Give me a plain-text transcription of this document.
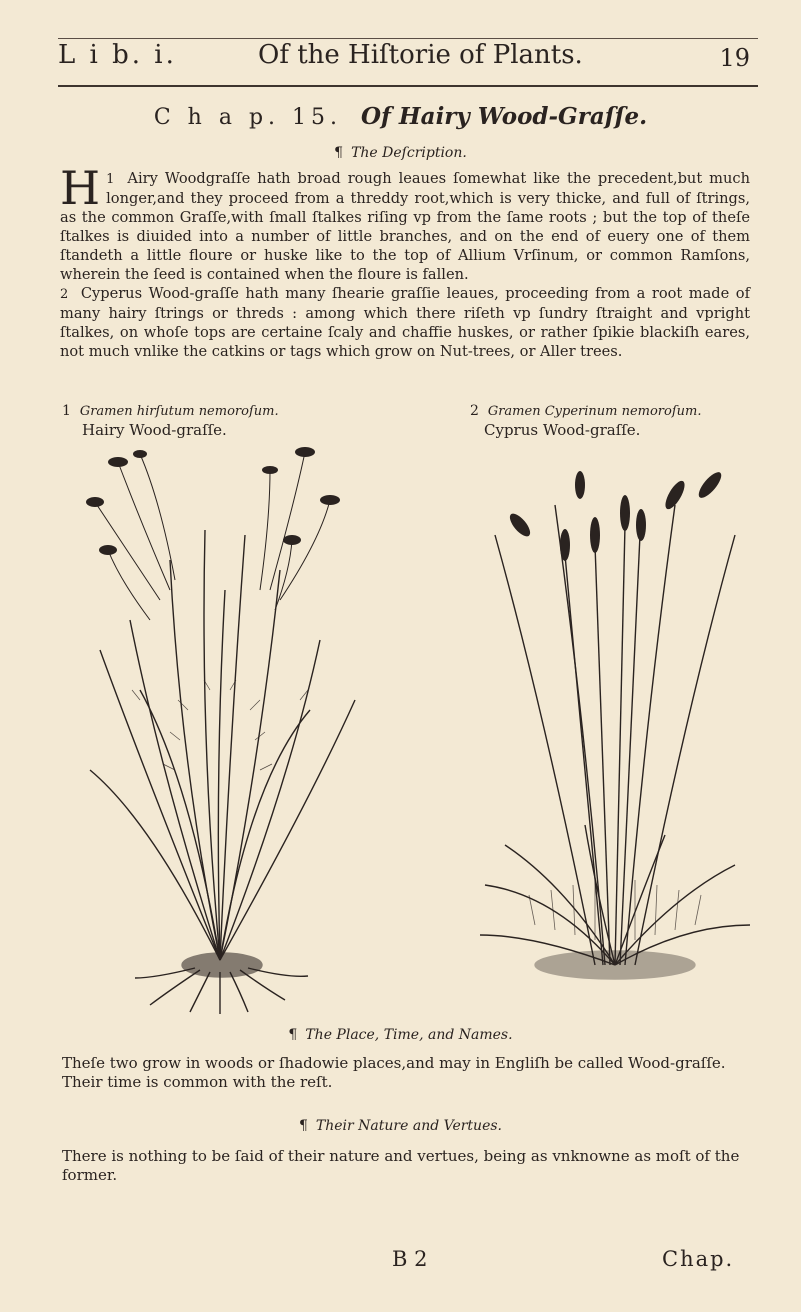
L i b. i.	Of the Hiſtorie of Plants.	19
C h a p. 15. Of Hairy Wood-Graſſe.
¶ The Deſcription.
1
H Airy Woodgraſſe hath broad rough leaues ſomewhat like the precedent,but much longer,and they proceed from a threddy root,which is very thicke, and full of ſtrings, as the common Graſſe,with ſmall ſtalkes riſing vp from the ſame roots ; but the top of theſe ſtalkes is diuided into a number of little branches, and on the end of euery one of them ſtandeth a little floure or huske like to the top of Allium Vrſinum, or common Ramſons, wherein the ſeed is contained when the floure is fallen.
2 Cyperus Wood-graſſe hath many ſhearie graſſie leaues, proceeding from a root made of many hairy ſtrings or threds : among which there riſeth vp ſundry ſtraight and vpright ſtalkes, on whoſe tops are certaine ſcaly and chaffie huskes, or rather ſpikie blackiſh eares, not much vnlike the catkins or tags which grow on Nut-trees, or Aller trees.
1 Gramen hirſutum nemoroſum.
Hairy Wood-graſſe.
2 Gramen Cyperinum nemoroſum.
Cyprus Wood-graſſe.
¶ The Place, Time, and Names.
Theſe two grow in woods or ſhadowie places,and may in Engliſh be called Wood-graſſe. Their time is common with the reſt.
¶ Their Nature and Vertues.
There is nothing to be ſaid of their nature and vertues, being as vnknowne as moſt of the former.
B 2	Chap.
